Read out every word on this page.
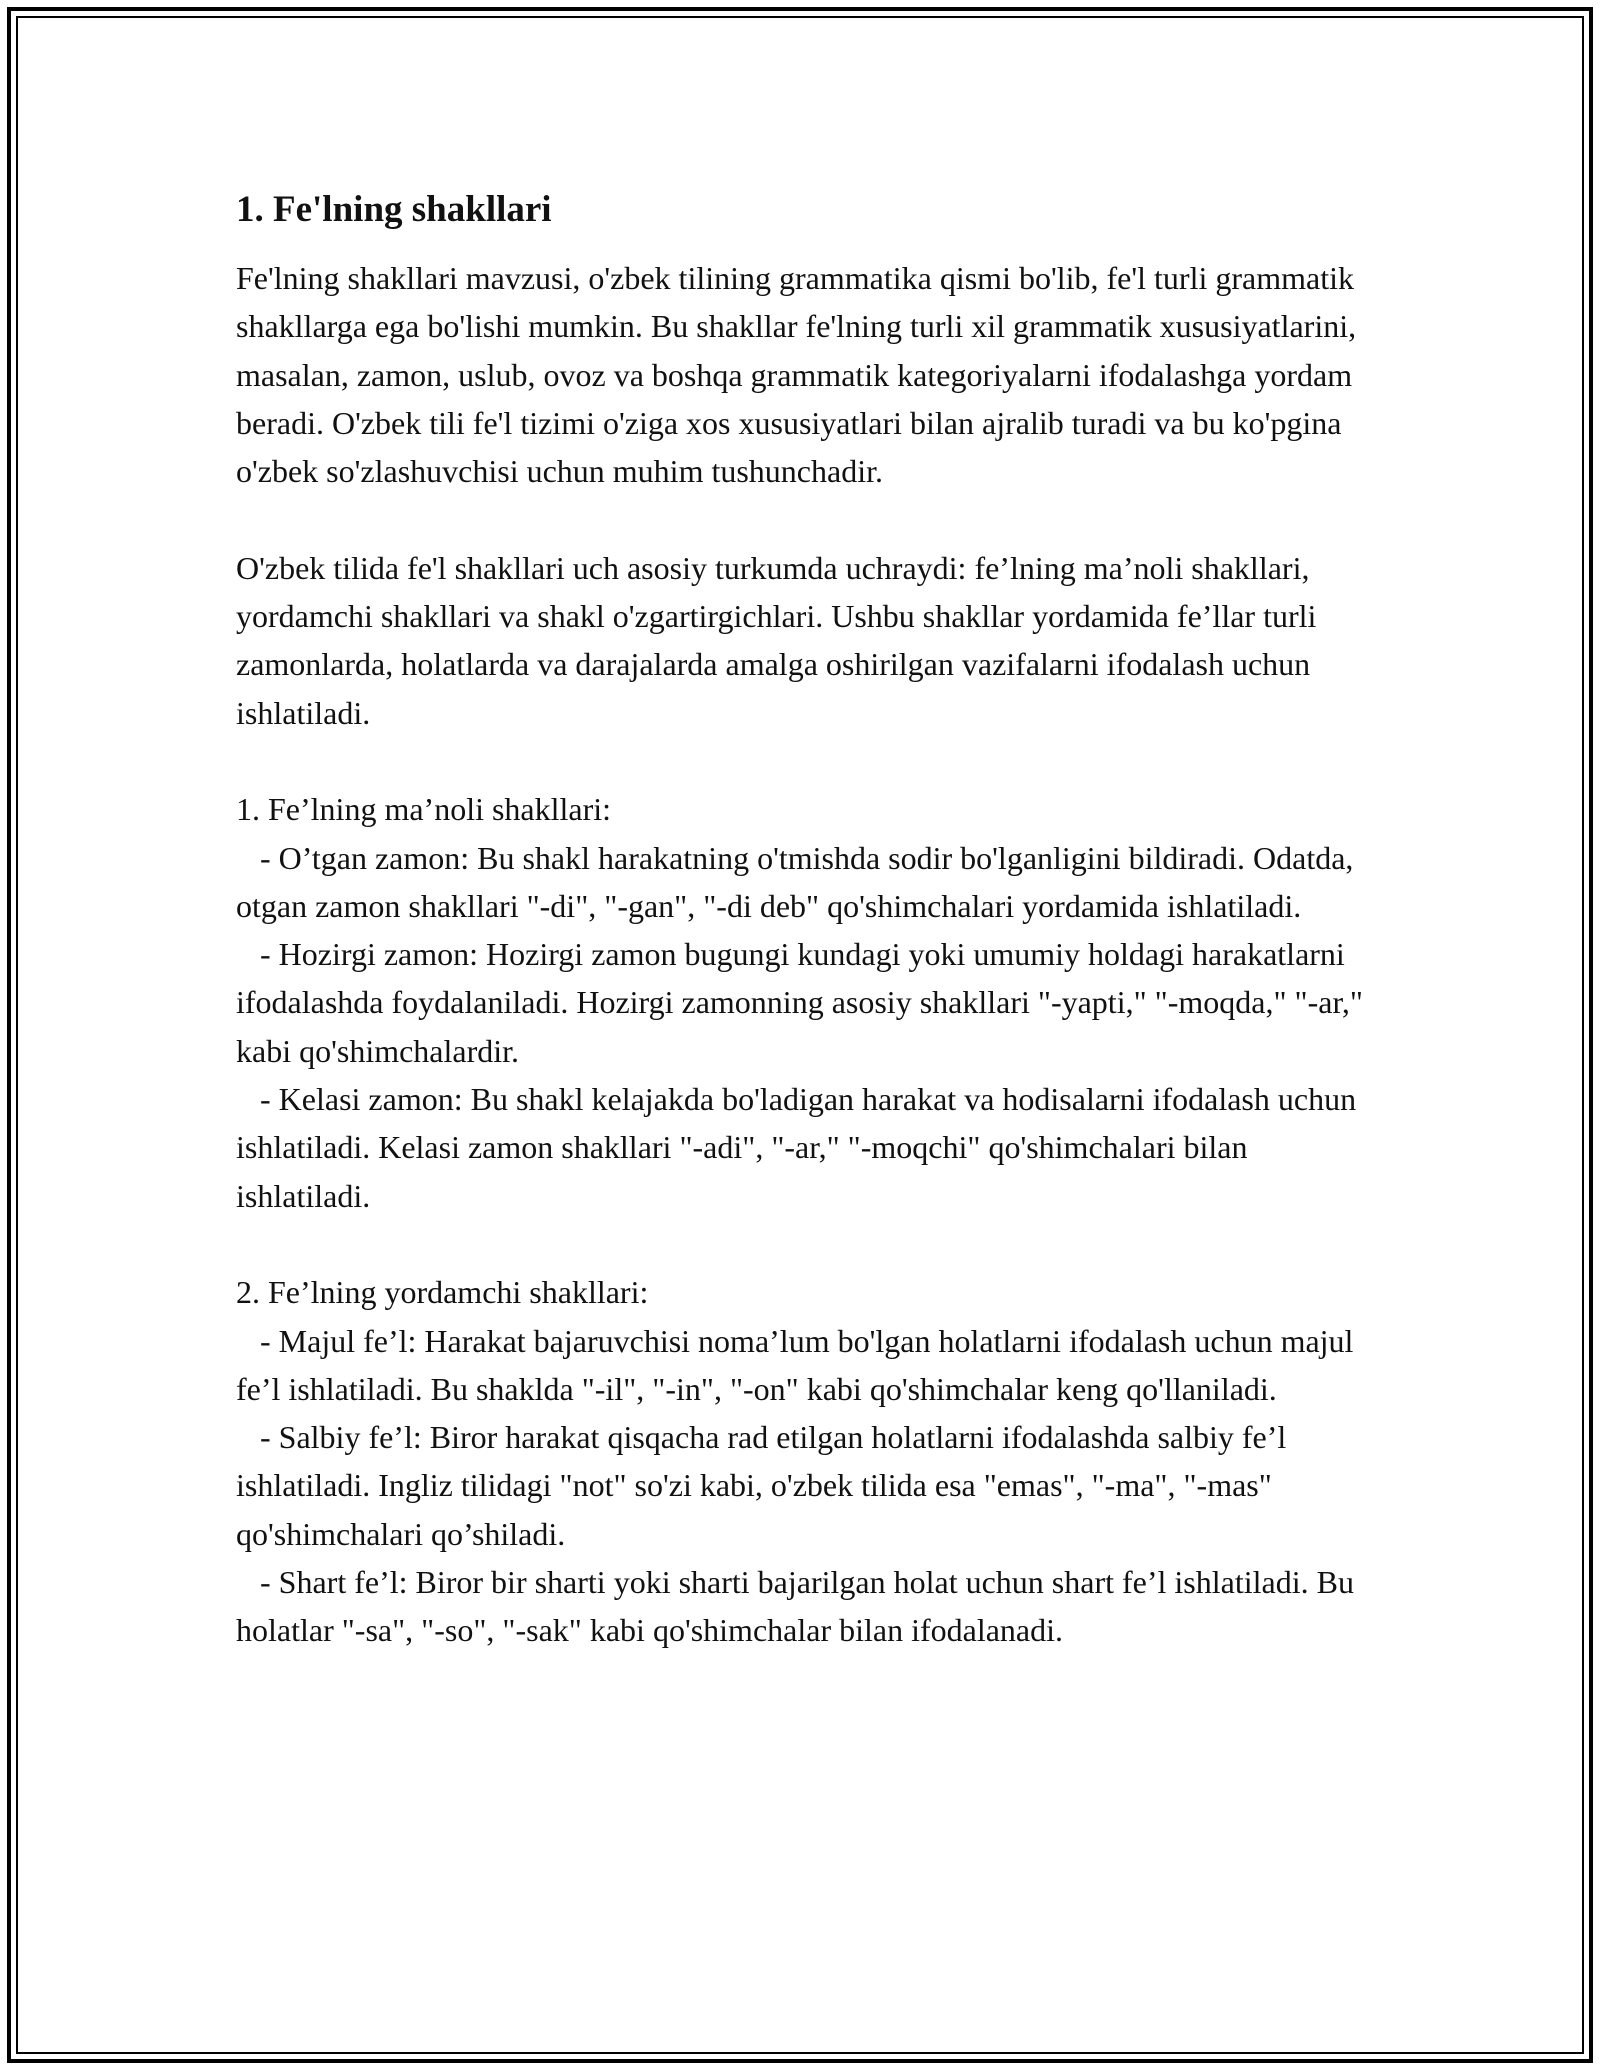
1. Fe'lning shakllari

Fe'lning shakllari mavzusi, o'zbek tilining grammatika qismi bo'lib, fe'l turli grammatik shakllarga ega bo'lishi mumkin. Bu shakllar fe'lning turli xil grammatik xususiyatlarini, masalan, zamon, uslub, ovoz va boshqa grammatik kategoriyalarni ifodalashga yordam beradi. O'zbek tili fe'l tizimi o'ziga xos xususiyatlari bilan ajralib turadi va bu ko'pgina o'zbek so'zlashuvchisi uchun muhim tushunchadir.

O'zbek tilida fe'l shakllari uch asosiy turkumda uchraydi: fe’lning ma’noli shakllari, yordamchi shakllari va shakl o'zgartirgichlari. Ushbu shakllar yordamida fe’llar turli zamonlarda, holatlarda va darajalarda amalga oshirilgan vazifalarni ifodalash uchun ishlatiladi.

1. Fe’lning ma’noli shakllari:

- O’tgan zamon: Bu shakl harakatning o'tmishda sodir bo'lganligini bildiradi. Odatda, otgan zamon shakllari "-di", "-gan", "-di deb" qo'shimchalari yordamida ishlatiladi.

- Hozirgi zamon: Hozirgi zamon bugungi kundagi yoki umumiy holdagi harakatlarni ifodalashda foydalaniladi. Hozirgi zamonning asosiy shakllari "-yapti," "-moqda," "-ar," kabi qo'shimchalardir.

- Kelasi zamon: Bu shakl kelajakda bo'ladigan harakat va hodisalarni ifodalash uchun ishlatiladi. Kelasi zamon shakllari "-adi", "-ar," "-moqchi" qo'shimchalari bilan ishlatiladi.

2. Fe’lning yordamchi shakllari:

- Majul fe’l: Harakat bajaruvchisi noma’lum bo'lgan holatlarni ifodalash uchun majul fe’l ishlatiladi. Bu shaklda "-il", "-in", "-on" kabi qo'shimchalar keng qo'llaniladi.

- Salbiy fe’l: Biror harakat qisqacha rad etilgan holatlarni ifodalashda salbiy fe’l ishlatiladi. Ingliz tilidagi "not" so'zi kabi, o'zbek tilida esa "emas", "-ma", "-mas" qo'shimchalari qo’shiladi.

- Shart fe’l: Biror bir sharti yoki sharti bajarilgan holat uchun shart fe’l ishlatiladi. Bu holatlar "-sa", "-so", "-sak" kabi qo'shimchalar bilan ifodalanadi.
